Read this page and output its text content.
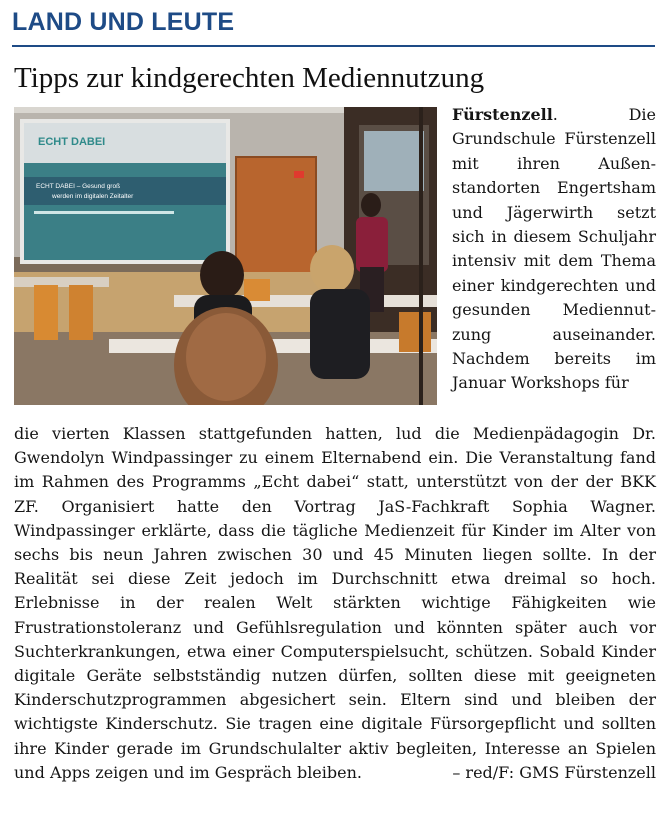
LAND UND LEUTE
Tipps zur kindgerechten Mediennutzung
ECHT DABEI
ECHT DABEI – Gesund groß
werden im digitalen Zeitalter
Fürstenzell. Die Grundschule Fürstenzell mit ihren Außenstandorten Engertsham und Jägerwirth setzt sich in diesem Schuljahr intensiv mit dem Thema einer kindgerechten und gesunden Mediennutzung auseinander. Nachdem bereits im Januar Workshops für
die vierten Klassen stattgefunden hatten, lud die Medienpädagogin Dr. Gwendolyn Windpassinger zu einem Elternabend ein. Die Veranstaltung fand im Rahmen des Programms „Echt dabei“ statt, unterstützt von der der BKK ZF. Organisiert hatte den Vortrag JaS-Fachkraft Sophia Wagner. Windpassinger erklärte, dass die tägliche Medienzeit für Kinder im Alter von sechs bis neun Jahren zwischen 30 und 45 Minuten liegen sollte. In der Realität sei diese Zeit jedoch im Durchschnitt etwa dreimal so hoch. Erlebnisse in der realen Welt stärkten wichtige Fähigkeiten wie Frustrationstoleranz und Gefühlsregulation und könnten später auch vor Suchterkrankungen, etwa einer Computerspielsucht, schützen. Sobald Kinder digitale Geräte selbstständig nutzen dürfen, sollten diese mit geeigneten Kinderschutzprogrammen abgesichert sein. Eltern sind und bleiben der wichtigste Kinderschutz. Sie tragen eine digitale Fürsorgepflicht und sollten ihre Kinder gerade im Grundschulalter aktiv begleiten, Interesse an Spielen und Apps zeigen und im Gespräch bleiben.	– red/F: GMS Fürstenzell
